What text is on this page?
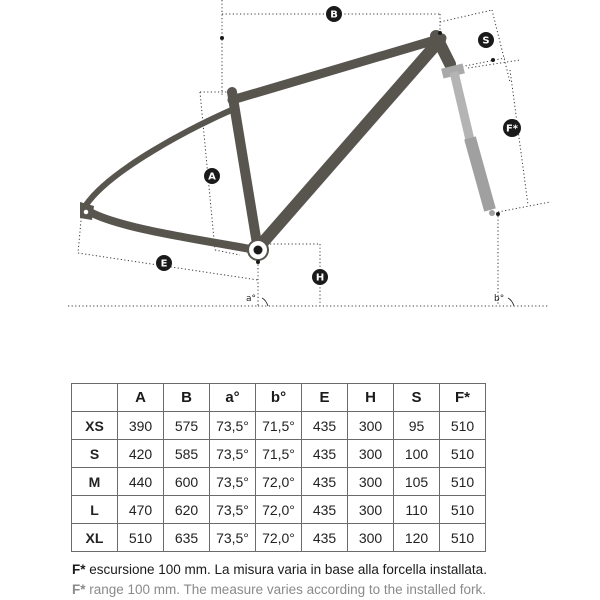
B
S
F*
A
E
H
a°	b°
	A	B	a°	b°	E	H	S	F*
XS	390	575	73,5°	71,5°	435	300	95	510
S	420	585	73,5°	71,5°	435	300	100	510
M	440	600	73,5°	72,0°	435	300	105	510
L	470	620	73,5°	72,0°	435	300	110	510
XL	510	635	73,5°	72,0°	435	300	120	510
F* escursione 100 mm. La misura varia in base alla forcella installata.
F* range 100 mm. The measure varies according to the installed fork.
